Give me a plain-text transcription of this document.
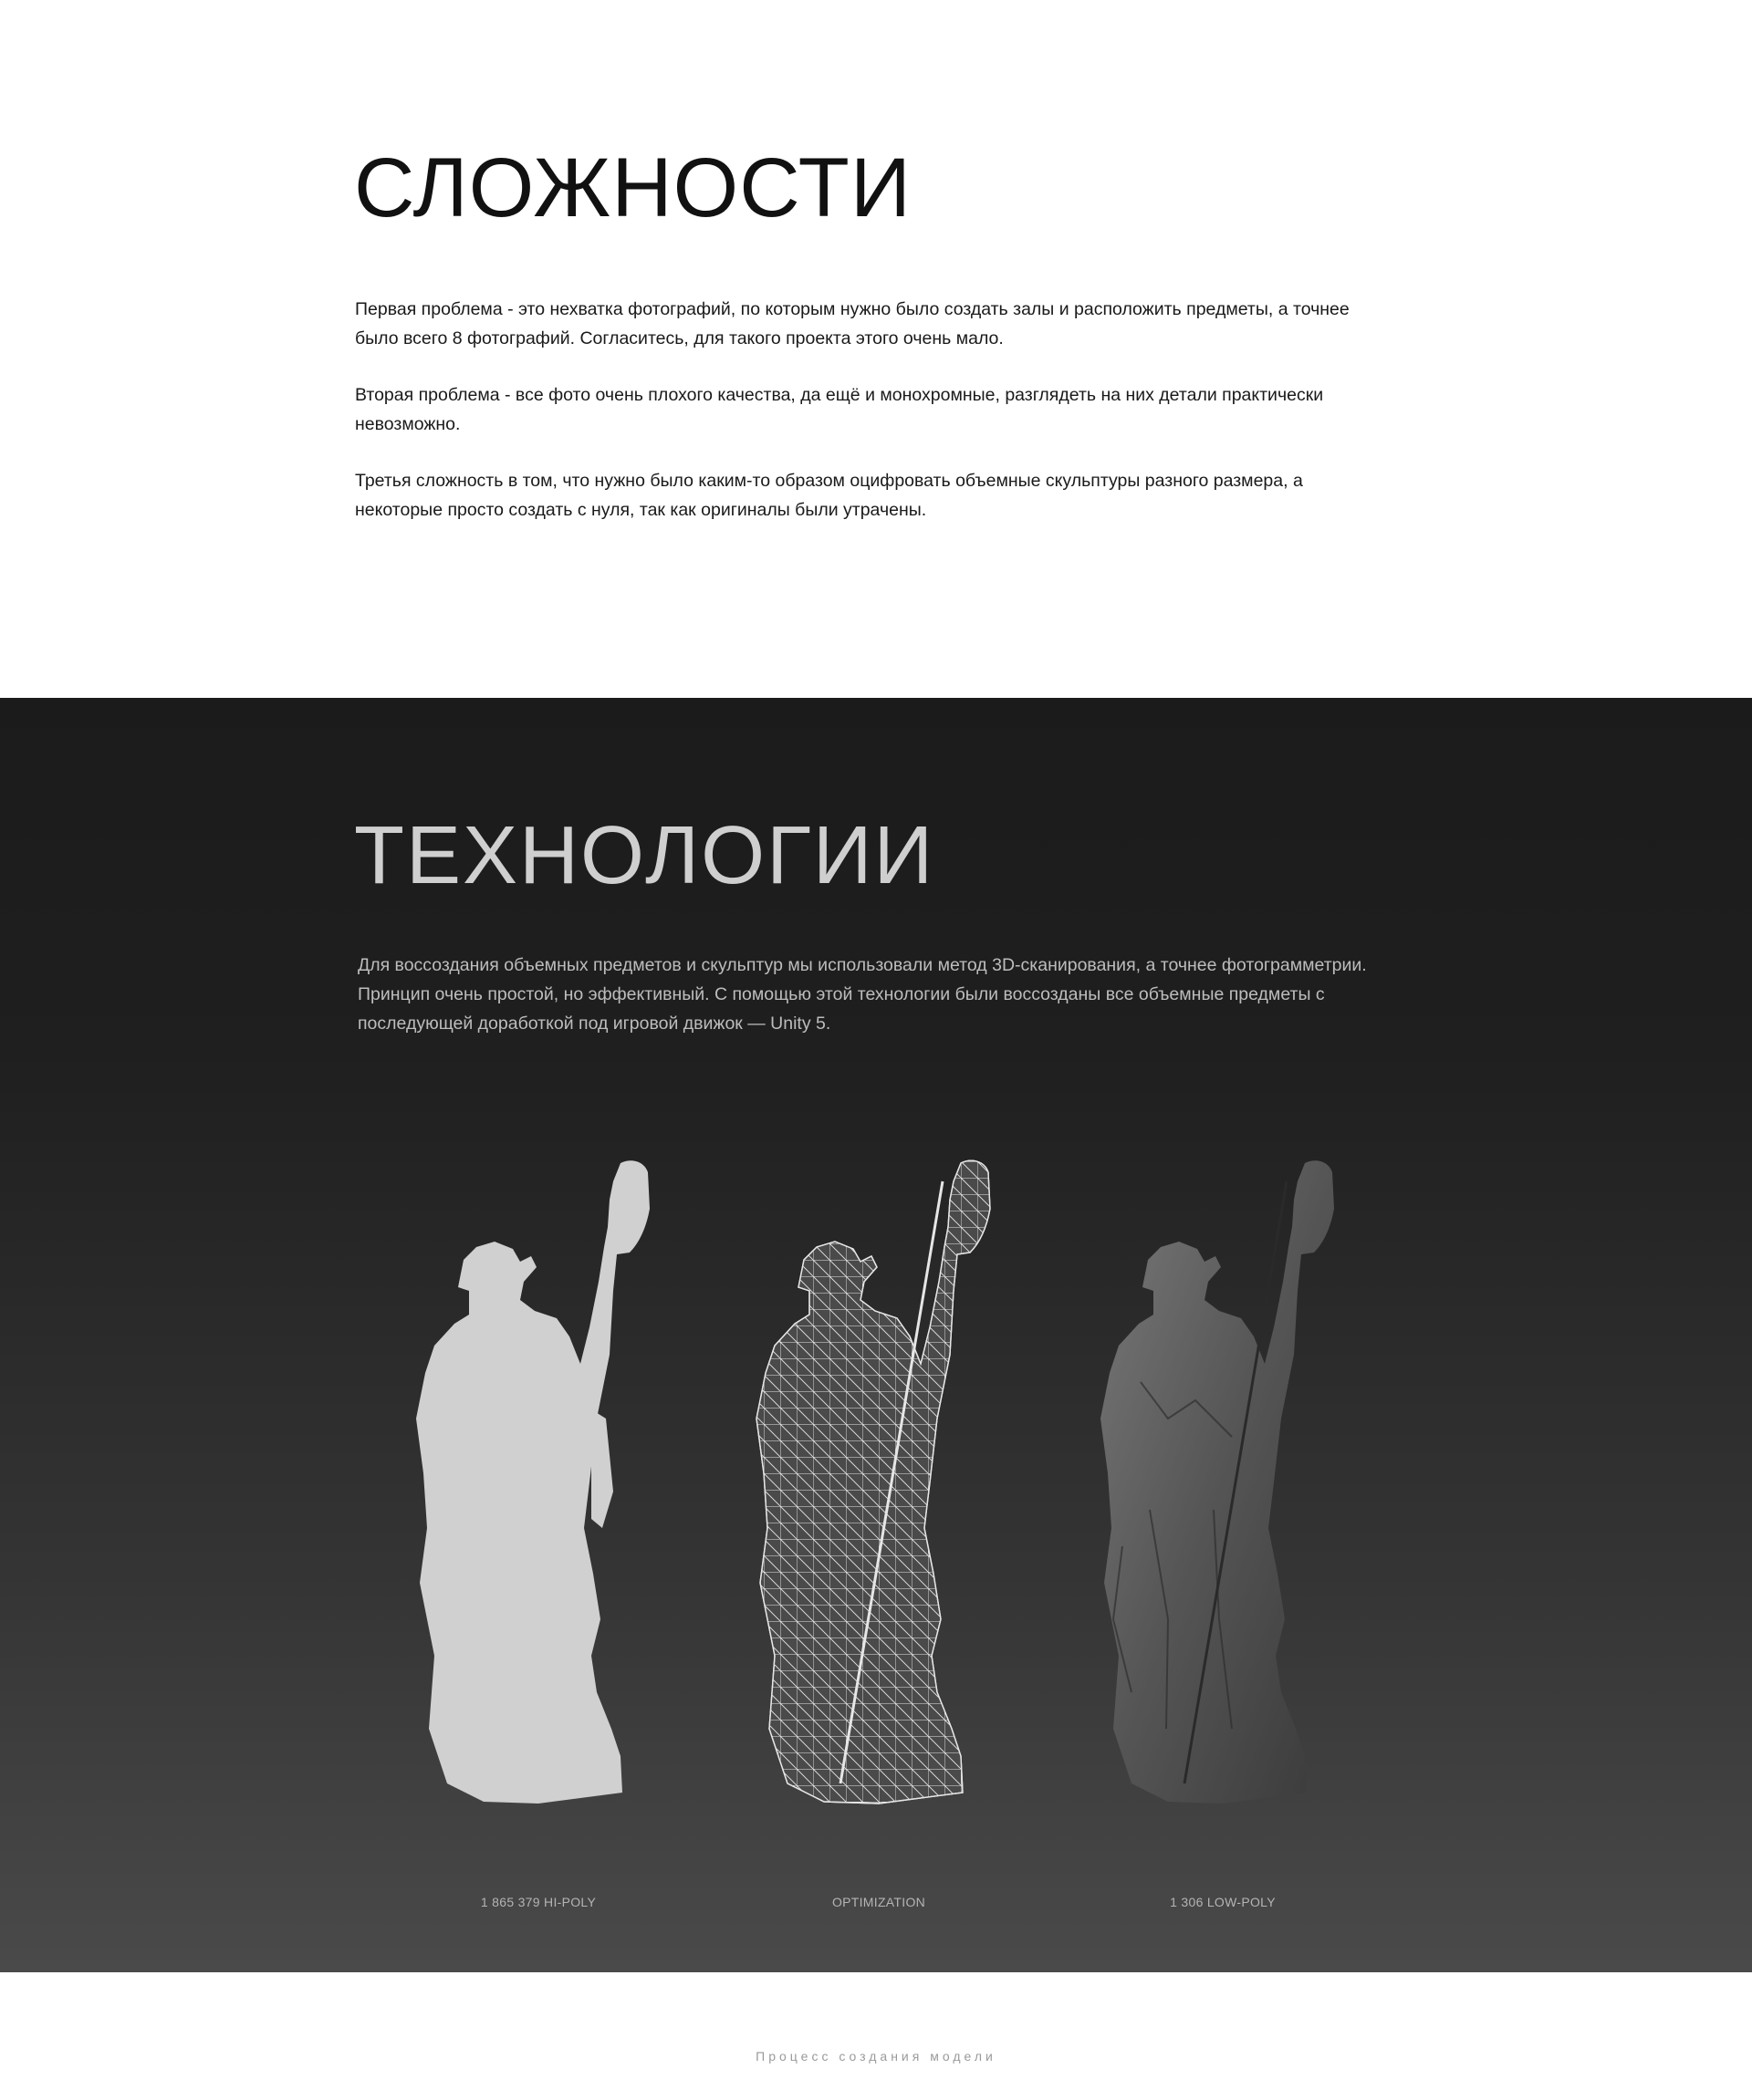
СЛОЖНОСТИ

Первая проблема - это нехватка фотографий, по которым нужно было создать залы и расположить предметы, а точнее было всего 8 фотографий. Согласитесь, для такого проекта этого очень мало.

Вторая проблема - все фото очень плохого качества, да ещё и монохромные, разглядеть на них детали практически невозможно.

Третья сложность в том, что нужно было каким-то образом оцифровать объемные скульптуры разного размера, а некоторые просто создать с нуля, так как оригиналы были утрачены.

ТЕХНОЛОГИИ

Для воссоздания объемных предметов и скульптур мы использовали метод 3D-сканирования, а точнее фотограмметрии. Принцип очень простой, но эффективный. С помощью этой технологии были воссозданы все объемные предметы с последующей доработкой под игровой движок — Unity 5.

1 865 379 HI-POLY	OPTIMIZATION	1 306 LOW-POLY
Процесс создания модели
